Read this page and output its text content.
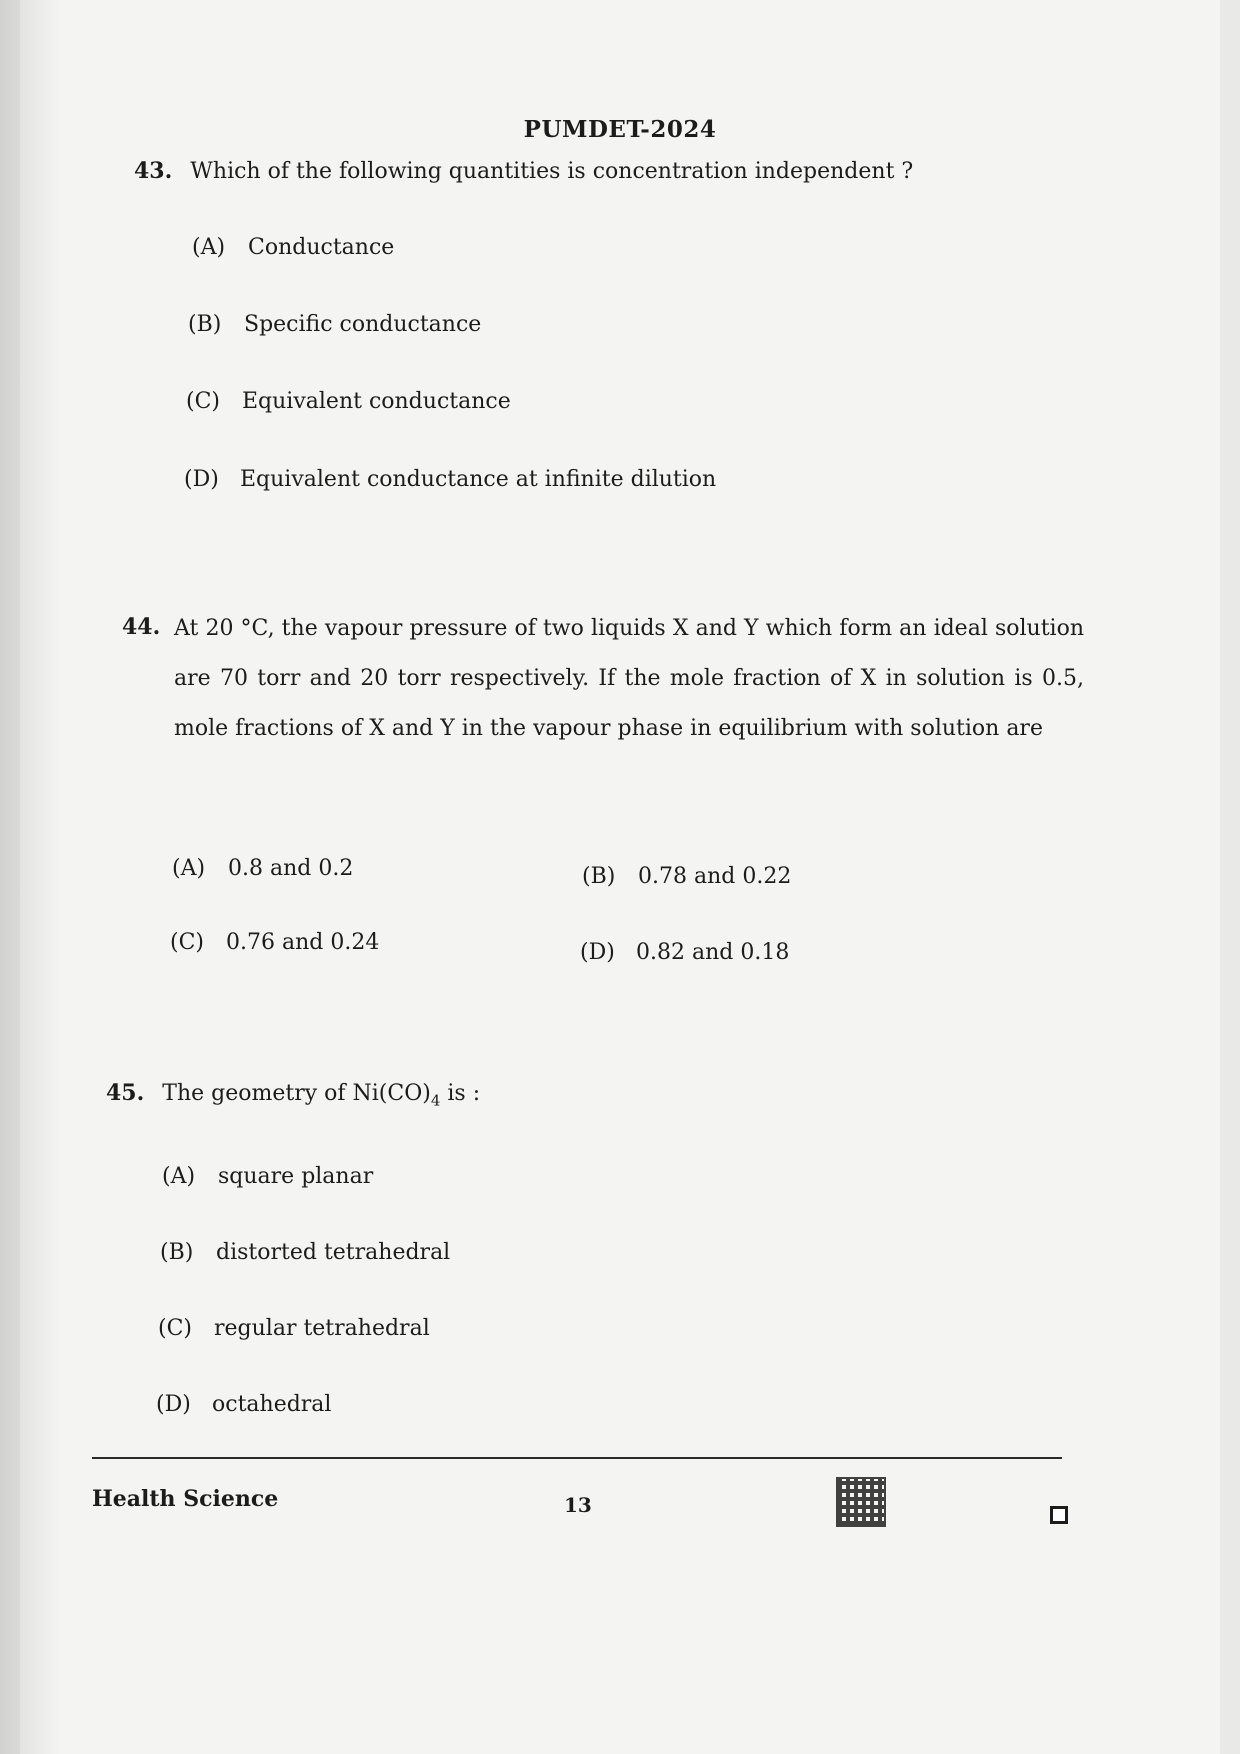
PUMDET-2024
43. Which of the following quantities is concentration independent ?
(A) Conductance
(B) Specific conductance
(C) Equivalent conductance
(D) Equivalent conductance at infinite dilution
44. At 20 °C, the vapour pressure of two liquids X and Y which form an ideal solution are 70 torr and 20 torr respectively. If the mole fraction of X in solution is 0.5, mole fractions of X and Y in the vapour phase in equilibrium with solution are
(A) 0.8 and 0.2	(B) 0.78 and 0.22
(C) 0.76 and 0.24	(D) 0.82 and 0.18
45. The geometry of $Ni(CO)_4$ is :
(A) square planar
(B) distorted tetrahedral
(C) regular tetrahedral
(D) octahedral
Health Science	13
